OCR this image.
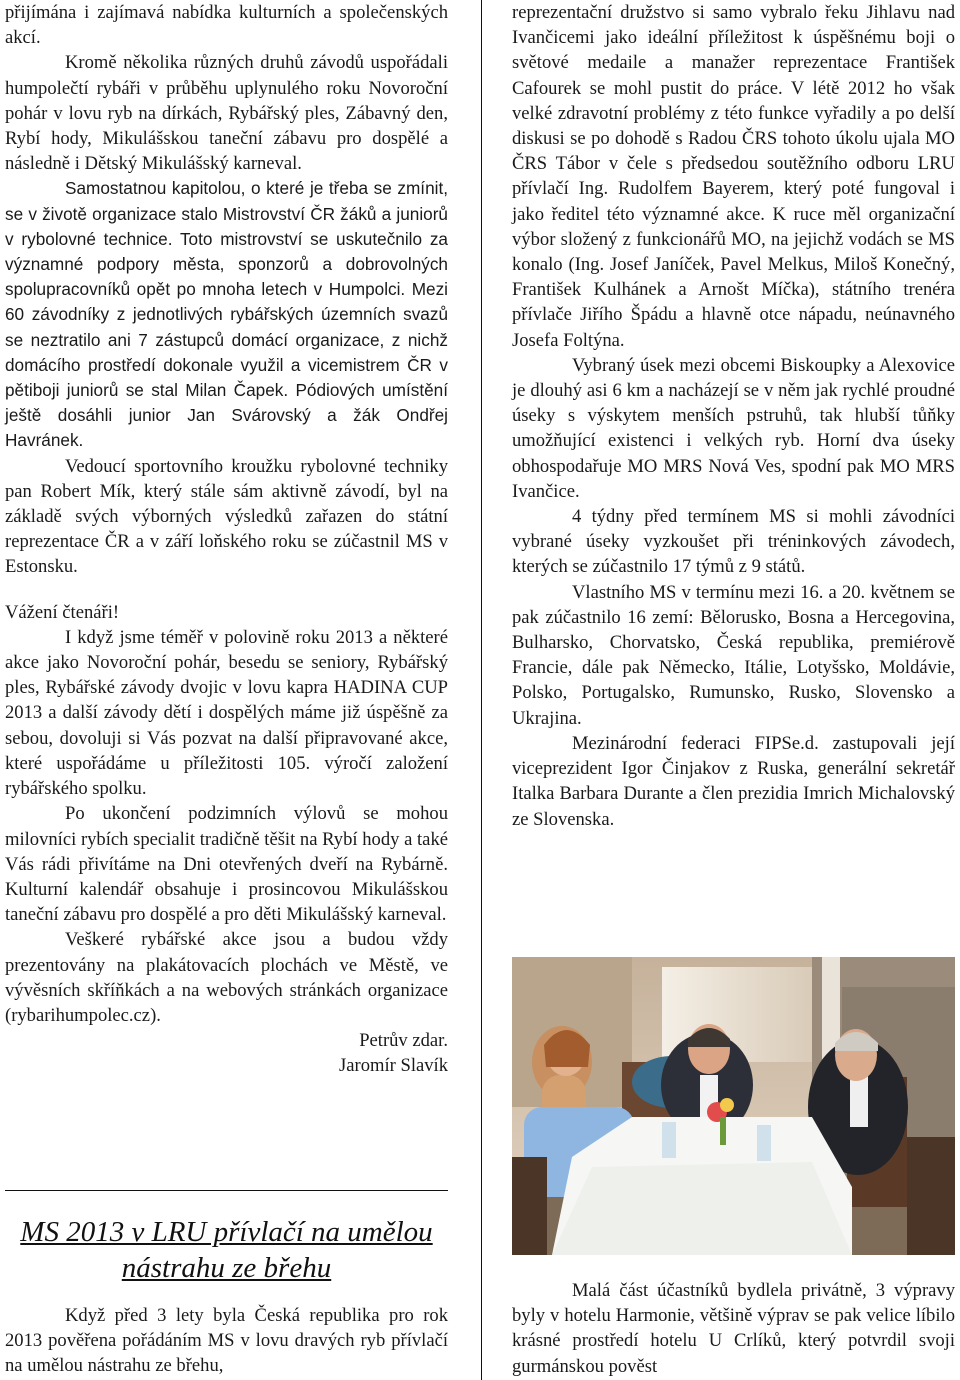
přijímána i zajímavá nabídka kulturních a společenských akcí.

Kromě několika různých druhů závodů uspořádali humpolečtí rybáři v průběhu uplynulého roku Novoroční pohár v lovu ryb na dírkách, Rybářský ples, Zábavný den, Rybí hody, Mikulášskou taneční zábavu pro dospělé a následně i Dětský Mikulášský karneval.

Samostatnou kapitolou, o které je třeba se zmínit, se v životě organizace stalo Mistrovství ČR žáků a juniorů v rybolovné technice. Toto mistrovství se uskutečnilo za významné podpory města, sponzorů a dobrovolných spolupracovníků opět po mnoha letech v Humpolci. Mezi 60 závodníky z jednotlivých rybářských územních svazů se neztratilo ani 7 zástupců domácí organizace, z nichž domácího prostředí dokonale využil a vicemistrem ČR v pětiboji juniorů se stal Milan Čapek. Pódiových umístění ještě dosáhli junior Jan Svárovský a žák Ondřej Havránek.

Vedoucí sportovního kroužku rybolovné techniky pan Robert Mík, který stále sám aktivně závodí, byl na základě svých výborných výsledků zařazen do státní reprezentace ČR a v září loňského roku se zúčastnil MS v Estonsku.

Vážení čtenáři!

I když jsme téměř v polovině roku 2013 a některé akce jako Novoroční pohár, besedu se seniory, Rybářský ples, Rybářské závody dvojic v lovu kapra HADINA CUP 2013 a další závody dětí i dospělých máme již úspěšně za sebou, dovoluji si Vás pozvat na další připravované akce, které uspořádáme u příležitosti 105. výročí založení rybářského spolku.

Po ukončení podzimních výlovů se mohou milovníci rybích specialit tradičně těšit na Rybí hody a také Vás rádi přivítáme na Dni otevřených dveří na Rybárně. Kulturní kalendář obsahuje i prosincovou Mikulášskou taneční zábavu pro dospělé a pro děti Mikulášský karneval.

Veškeré rybářské akce jsou a budou vždy prezentovány na plakátovacích plochách ve Městě, ve vývěsních skříňkách a na webových stránkách organizace (rybarihumpolec.cz).

Petrův zdar.

Jaromír Slavík

MS 2013 v LRU přívlačí na umělou nástrahu ze břehu

Když před 3 lety byla Česká republika pro rok 2013 pověřena pořádáním MS v lovu dravých ryb přívlačí na umělou nástrahu ze břehu,

reprezentační družstvo si samo vybralo řeku Jihlavu nad Ivančicemi jako ideální příležitost k úspěšnému boji o světové medaile a manažer reprezentace František Cafourek se mohl pustit do práce. V létě 2012 ho však velké zdravotní problémy z této funkce vyřadily a po delší diskusi se po dohodě s Radou ČRS tohoto úkolu ujala MO ČRS Tábor v čele s předsedou soutěžního odboru LRU přívlačí Ing. Rudolfem Bayerem, který poté fungoval i jako ředitel této významné akce. K ruce měl organizační výbor složený z funkcionářů MO, na jejichž vodách se MS konalo (Ing. Josef Janíček, Pavel Melkus, Miloš Konečný, František Kulhánek a Arnošt Míčka), státního trenéra přívlače Jiřího Špádu a hlavně otce nápadu, neúnavného Josefa Foltýna.

Vybraný úsek mezi obcemi Biskoupky a Alexovice je dlouhý asi 6 km a nacházejí se v něm jak rychlé proudné úseky s výskytem menších pstruhů, tak hlubší tůňky umožňující existenci i velkých ryb. Horní dva úseky obhospodařuje MO MRS Nová Ves, spodní pak MO MRS Ivančice.

4 týdny před termínem MS si mohli závodníci vybrané úseky vyzkoušet při tréninkových závodech, kterých se zúčastnilo 17 týmů z 9 států.

Vlastního MS v termínu mezi 16. a 20. květnem se pak zúčastnilo 16 zemí: Bělorusko, Bosna a Hercegovina, Bulharsko, Chorvatsko, Česká republika, premiérově Francie, dále pak Německo, Itálie, Lotyšsko, Moldávie, Polsko, Portugalsko, Rumunsko, Rusko, Slovensko a Ukrajina.

Mezinárodní federaci FIPSe.d. zastupovali její viceprezident Igor Činjakov z Ruska, generální sekretář Italka Barbara Durante a člen prezidia Imrich Michalovský ze Slovenska.

Malá část účastníků bydlela privátně, 3 výpravy byly v hotelu Harmonie, většině výprav se pak velice líbilo krásné prostředí hotelu U Crlíků, který potvrdil svoji gurmánskou pověst
